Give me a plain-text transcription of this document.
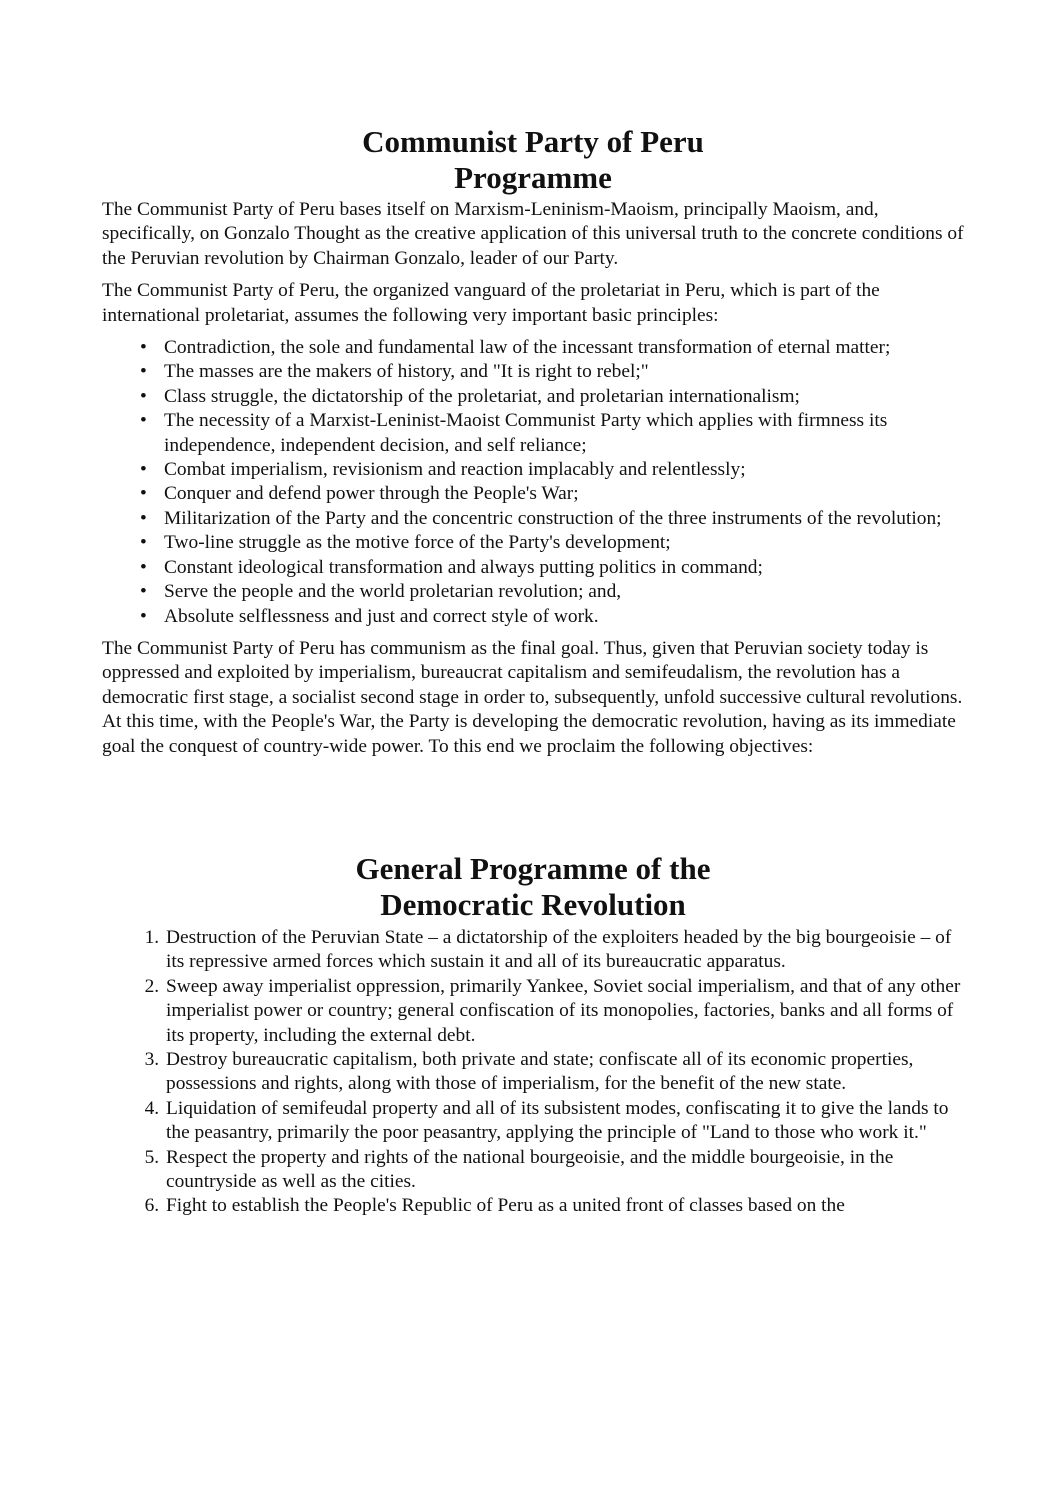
Communist Party of Peru
Programme

The Communist Party of Peru bases itself on Marxism-Leninism-Maoism, principally Maoism, and, specifically, on Gonzalo Thought as the creative application of this universal truth to the concrete conditions of the Peruvian revolution by Chairman Gonzalo, leader of our Party.

The Communist Party of Peru, the organized vanguard of the proletariat in Peru, which is part of the international proletariat, assumes the following very important basic principles:

• Contradiction, the sole and fundamental law of the incessant transformation of eternal matter;
• The masses are the makers of history, and "It is right to rebel;"
• Class struggle, the dictatorship of the proletariat, and proletarian internationalism;
• The necessity of a Marxist-Leninist-Maoist Communist Party which applies with firmness its independence, independent decision, and self reliance;
• Combat imperialism, revisionism and reaction implacably and relentlessly;
• Conquer and defend power through the People's War;
• Militarization of the Party and the concentric construction of the three instruments of the revolution;
• Two-line struggle as the motive force of the Party's development;
• Constant ideological transformation and always putting politics in command;
• Serve the people and the world proletarian revolution; and,
• Absolute selflessness and just and correct style of work.

The Communist Party of Peru has communism as the final goal. Thus, given that Peruvian society today is oppressed and exploited by imperialism, bureaucrat capitalism and semifeudalism, the revolution has a democratic first stage, a socialist second stage in order to, subsequently, unfold successive cultural revolutions. At this time, with the People's War, the Party is developing the democratic revolution, having as its immediate goal the conquest of country-wide power. To this end we proclaim the following objectives:

General Programme of the
Democratic Revolution
1. Destruction of the Peruvian State – a dictatorship of the exploiters headed by the big bourgeoisie – of its repressive armed forces which sustain it and all of its bureaucratic apparatus.
2. Sweep away imperialist oppression, primarily Yankee, Soviet social imperialism, and that of any other imperialist power or country; general confiscation of its monopolies, factories, banks and all forms of its property, including the external debt.
3. Destroy bureaucratic capitalism, both private and state; confiscate all of its economic properties, possessions and rights, along with those of imperialism, for the benefit of the new state.
4. Liquidation of semifeudal property and all of its subsistent modes, confiscating it to give the lands to the peasantry, primarily the poor peasantry, applying the principle of "Land to those who work it."
5. Respect the property and rights of the national bourgeoisie, and the middle bourgeoisie, in the countryside as well as the cities.
6. Fight to establish the People's Republic of Peru as a united front of classes based on the
